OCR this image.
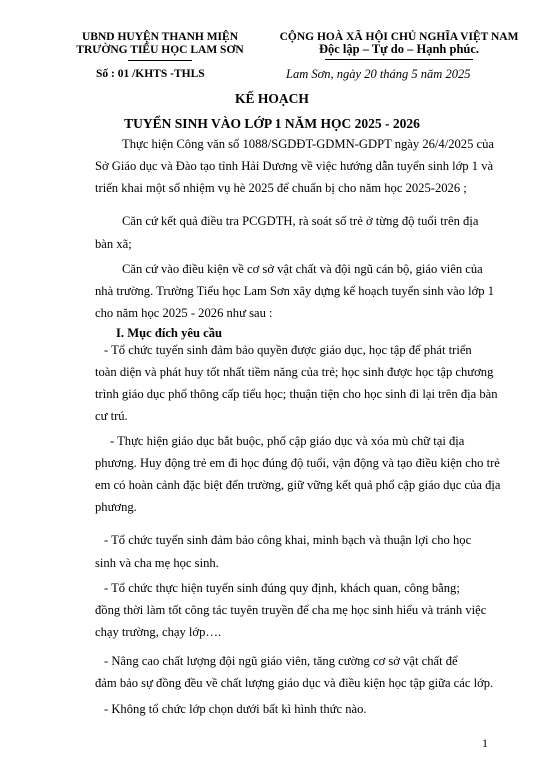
UBND HUYỆN THANH MIỆN
TRƯỜNG TIỂU HỌC LAM SƠN
Số : 01 /KHTS -THLS
CỘNG HOÀ XÃ HỘI CHỦ NGHĨA VIỆT NAM
Độc lập – Tự do – Hạnh phúc.
Lam Sơn, ngày 20 tháng 5 năm 2025
KẾ HOẠCH
TUYỂN SINH VÀO LỚP 1 NĂM HỌC 2025 - 2026
Thực hiện Công văn số 1088/SGDĐT-GDMN-GDPT ngày 26/4/2025 của
Sở Giáo dục và Đào tạo tỉnh Hải Dương về việc hướng dẫn tuyển sinh lớp 1 và
triển khai một số nhiệm vụ hè 2025 để chuẩn bị cho năm học 2025-2026 ;
Căn cứ kết quả điều tra PCGDTH, rà soát số trẻ ở từng độ tuổi trên địa
bàn xã;
Căn cứ vào điều kiện về cơ sở vật chất và đội ngũ cán bộ, giáo viên của
nhà trường. Trường Tiểu học Lam Sơn xây dựng kế hoạch tuyển sinh vào lớp 1
cho năm học 2025 - 2026 như sau :
I. Mục đích yêu cầu
- Tổ chức tuyển sinh đảm bảo quyền được giáo dục, học tập để phát triển
toàn diện và phát huy tốt nhất tiềm năng của trẻ; học sinh được học tập chương
trình giáo dục phổ thông cấp tiểu học; thuận tiện cho học sinh đi lại trên địa bàn
cư trú.
- Thực hiện giáo dục bắt buộc, phổ cập giáo dục và xóa mù chữ tại địa
phương. Huy động trẻ em đi học đúng độ tuổi, vận động và tạo điều kiện cho trẻ
em có hoàn cảnh đặc biệt đến trường, giữ vững kết quả phổ cập giáo dục của địa
phương.
- Tổ chức tuyển sinh đảm bảo công khai, minh bạch và thuận lợi cho học
sinh và cha mẹ học sinh.
- Tổ chức thực hiện tuyển sinh đúng quy định, khách quan, công bằng;
đồng thời làm tốt công tác tuyên truyền để cha mẹ học sinh hiểu và tránh việc
chạy trường, chạy lớp….
- Nâng cao chất lượng đội ngũ giáo viên, tăng cường cơ sở vật chất để
đảm bảo sự đồng đều về chất lượng giáo dục và điều kiện học tập giữa các lớp.
- Không tổ chức lớp chọn dưới bất kì hình thức nào.
1
